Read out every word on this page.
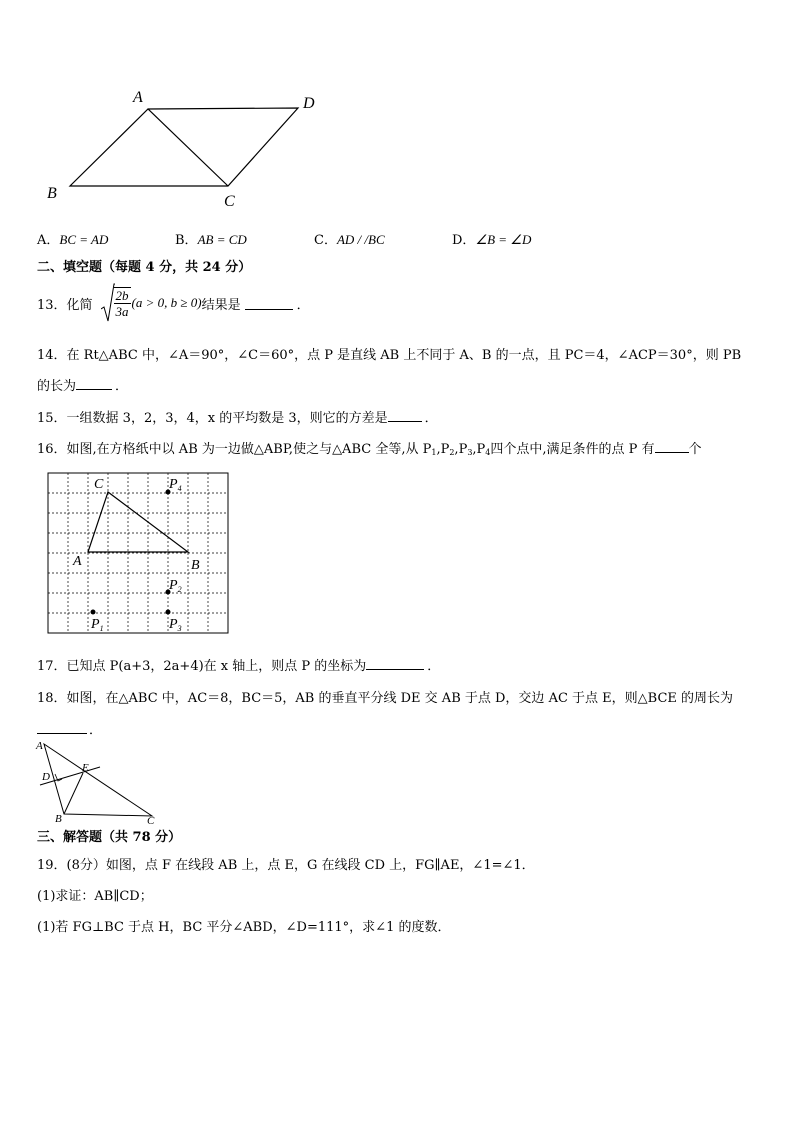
A	D
B	C
A．BC = AD	B．AB = CD	C．AD / /BC	D．∠B = ∠D
二、填空题（每题 4 分，共 24 分）
13．化简 $\frac{2b}{3a} (a > 0$, b ≥ 0) 结果是	．
14．在 Rt△ABC 中，∠A＝90°，∠C＝60°，点 P 是直线 AB 上不同于 A、B 的一点，且 PC＝4，∠ACP＝30°，则 PB
的长为	．
15．一组数据 3，2，3，4，x 的平均数是 3，则它的方差是	．
16．如图,在方格纸中以 AB 为一边做△ABP,使之与△ABC 全等,从 $P_1,P_2,P_3,P_4$四个点中,满足条件的点 P 有	个
C
A	B
$P_4$
$P_2$
$P_1$	$P_3$
17．已知点 P(a+3，2a+4)在 x 轴上，则点 P 的坐标为	．
18．如图，在△ABC 中，AC＝8，BC＝5，AB 的垂直平分线 DE 交 AB 于点 D，交边 AC 于点 E，则△BCE 的周长为
．
A
D
E
B	C
三、解答题（共 78 分）
19．(8分）如图，点 F 在线段 AB 上，点 E，G 在线段 CD 上，FG∥AE，∠1=∠1．
(1)求证：AB∥CD；
(1)若 FG⊥BC 于点 H，BC 平分∠ABD，∠D=111°，求∠1 的度数．
